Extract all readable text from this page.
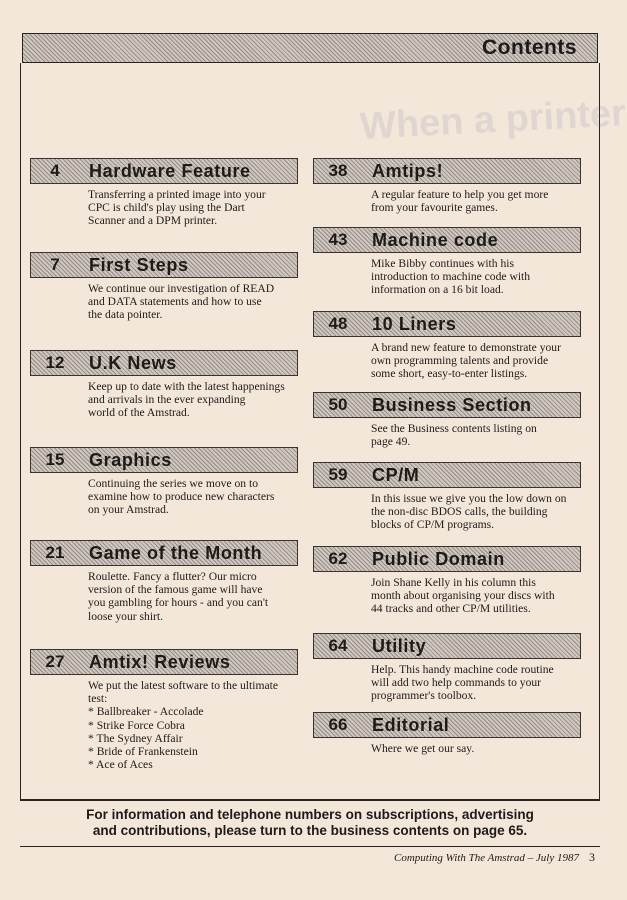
Contents
When a printer
4	Hardware Feature
Transferring a printed image into your
CPC is child's play using the Dart
Scanner and a DPM printer.
7	First Steps
We continue our investigation of READ
and DATA statements and how to use
the data pointer.
12	U.K News
Keep up to date with the latest happenings
and arrivals in the ever expanding
world of the Amstrad.
15	Graphics
Continuing the series we move on to
examine how to produce new characters
on your Amstrad.
21	Game of the Month
Roulette. Fancy a flutter? Our micro
version of the famous game will have
you gambling for hours - and you can't
loose your shirt.
27	Amtix! Reviews
We put the latest software to the ultimate
test:
* Ballbreaker - Accolade
* Strike Force Cobra
* The Sydney Affair
* Bride of Frankenstein
* Ace of Aces
38	Amtips!
A regular feature to help you get more
from your favourite games.
43	Machine code
Mike Bibby continues with his
introduction to machine code with
information on a 16 bit load.
48	10 Liners
A brand new feature to demonstrate your
own programming talents and provide
some short, easy-to-enter listings.
50	Business Section
See the Business contents listing on
page 49.
59	CP/M
In this issue we give you the low down on
the non-disc BDOS calls, the building
blocks of CP/M programs.
62	Public Domain
Join Shane Kelly in his column this
month about organising your discs with
44 tracks and other CP/M utilities.
64	Utility
Help. This handy machine code routine
will add two help commands to your
programmer's toolbox.
66	Editorial
Where we get our say.
For information and telephone numbers on subscriptions, advertising
and contributions, please turn to the business contents on page 65.
Computing With The Amstrad – July 1987 3
